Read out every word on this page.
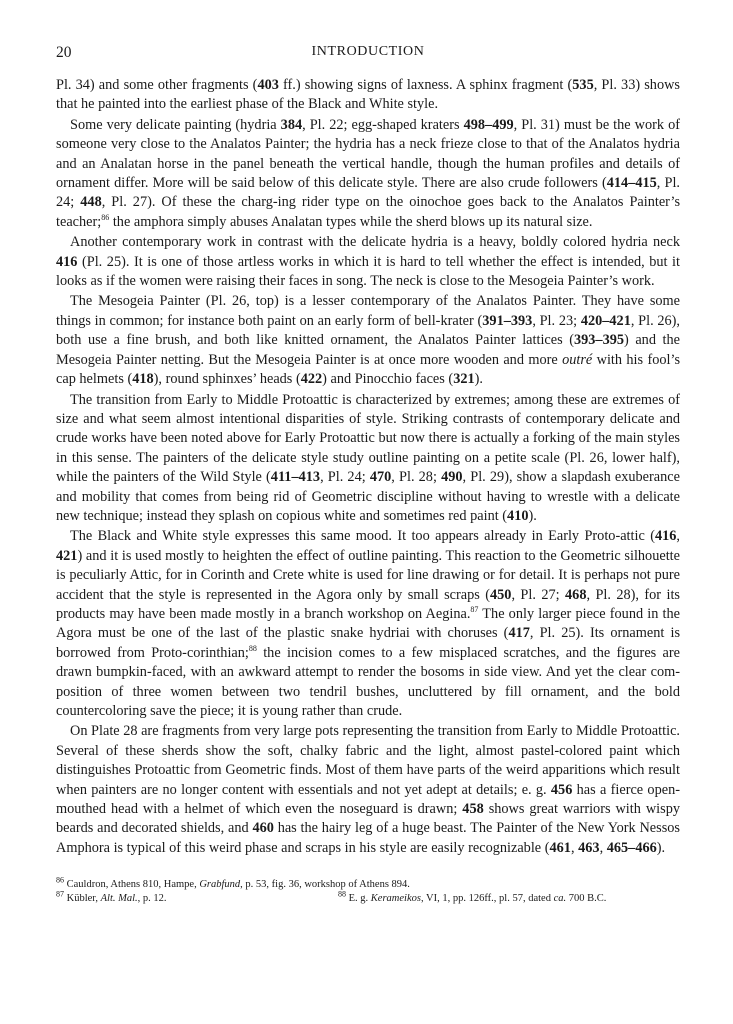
20	INTRODUCTION

Pl. 34) and some other fragments (403 ff.) showing signs of laxness. A sphinx fragment (535, Pl. 33) shows that he painted into the earliest phase of the Black and White style.

Some very delicate painting (hydria 384, Pl. 22; egg-shaped kraters 498–499, Pl. 31) must be the work of someone very close to the Analatos Painter; the hydria has a neck frieze close to that of the Analatos hydria and an Analatan horse in the panel beneath the vertical handle, though the human profiles and details of ornament differ. More will be said below of this delicate style. There are also crude followers (414–415, Pl. 24; 448, Pl. 27). Of these the charg-ing rider type on the oinochoe goes back to the Analatos Painter’s teacher;$^{86}$ the amphora simply abuses Analatan types while the sherd blows up its natural size.

Another contemporary work in contrast with the delicate hydria is a heavy, boldly colored hydria neck 416 (Pl. 25). It is one of those artless works in which it is hard to tell whether the effect is intended, but it looks as if the women were raising their faces in song. The neck is close to the Mesogeia Painter’s work.

The Mesogeia Painter (Pl. 26, top) is a lesser contemporary of the Analatos Painter. They have some things in common; for instance both paint on an early form of bell-krater (391–393, Pl. 23; 420–421, Pl. 26), both use a fine brush, and both like knitted ornament, the Analatos Painter lattices (393–395) and the Mesogeia Painter netting. But the Mesogeia Painter is at once more wooden and more outré with his fool’s cap helmets (418), round sphinxes’ heads (422) and Pinocchio faces (321).

The transition from Early to Middle Protoattic is characterized by extremes; among these are extremes of size and what seem almost intentional disparities of style. Striking contrasts of contemporary delicate and crude works have been noted above for Early Protoattic but now there is actually a forking of the main styles in this sense. The painters of the delicate style study outline painting on a petite scale (Pl. 26, lower half), while the painters of the Wild Style (411–413, Pl. 24; 470, Pl. 28; 490, Pl. 29), show a slapdash exuberance and mobility that comes from being rid of Geometric discipline without having to wrestle with a delicate new technique; instead they splash on copious white and sometimes red paint (410).

The Black and White style expresses this same mood. It too appears already in Early Proto-attic (416, 421) and it is used mostly to heighten the effect of outline painting. This reaction to the Geometric silhouette is peculiarly Attic, for in Corinth and Crete white is used for line drawing or for detail. It is perhaps not pure accident that the style is represented in the Agora only by small scraps (450, Pl. 27; 468, Pl. 28), for its products may have been made mostly in a branch workshop on Aegina.$^{87}$ The only larger piece found in the Agora must be one of the last of the plastic snake hydriai with choruses (417, Pl. 25). Its ornament is borrowed from Proto-corinthian;$^{88}$ the incision comes to a few misplaced scratches, and the figures are drawn bumpkin-faced, with an awkward attempt to render the bosoms in side view. And yet the clear com-position of three women between two tendril bushes, uncluttered by fill ornament, and the bold countercoloring save the piece; it is young rather than crude.

On Plate 28 are fragments from very large pots representing the transition from Early to Middle Protoattic. Several of these sherds show the soft, chalky fabric and the light, almost pastel-colored paint which distinguishes Protoattic from Geometric finds. Most of them have parts of the weird apparitions which result when painters are no longer content with essentials and not yet adept at details; e. g. 456 has a fierce open-mouthed head with a helmet of which even the noseguard is drawn; 458 shows great warriors with wispy beards and decorated shields, and 460 has the hairy leg of a huge beast. The Painter of the New York Nessos Amphora is typical of this weird phase and scraps in his style are easily recognizable (461, 463, 465–466).

$^{86}$ Cauldron, Athens 810, Hampe, Grabfund, p. 53, fig. 36, workshop of Athens 894.
$^{87}$ Kübler, Alt. Mal., p. 12.	$^{88}$ E. g. Kerameikos, VI, 1, pp. 126ff., pl. 57, dated ca. 700 B.C.
